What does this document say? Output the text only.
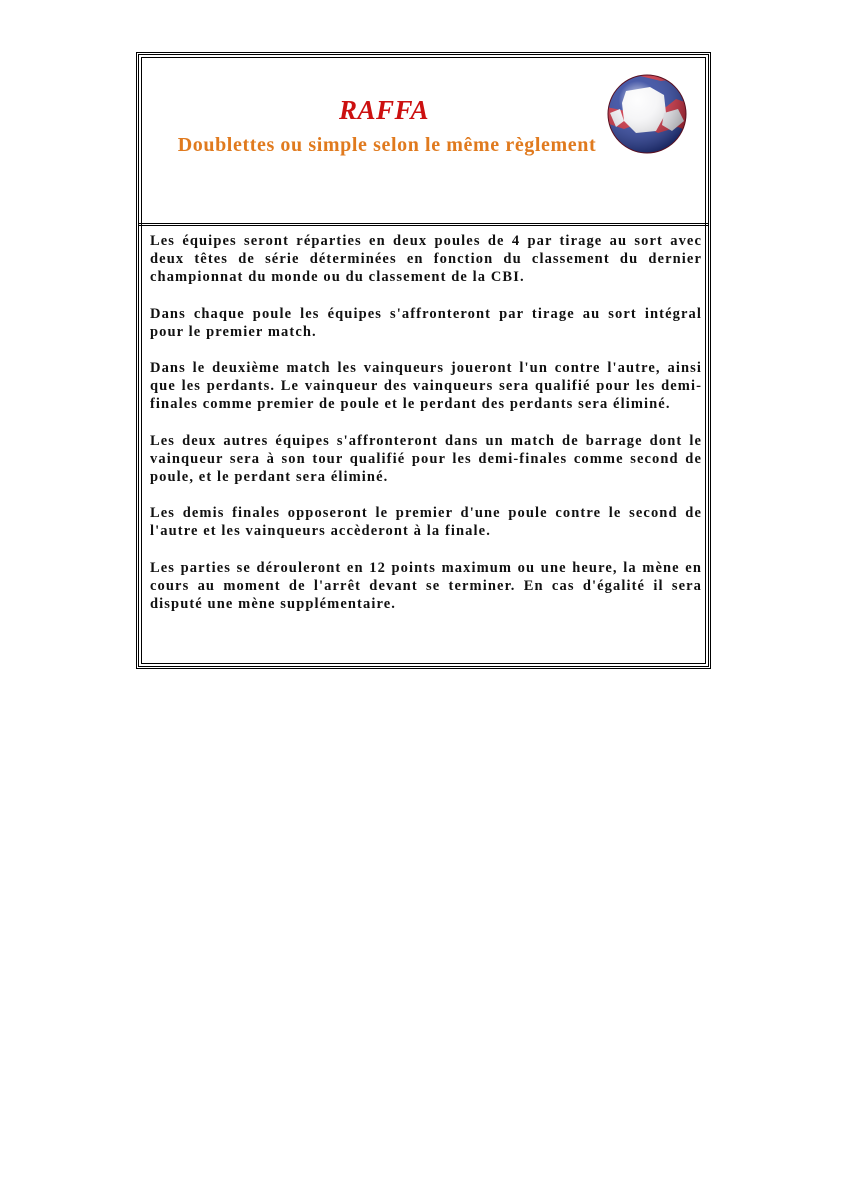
RAFFA
Doublettes ou simple selon le même règlement

Les équipes seront réparties en deux poules de 4 par tirage au sort avec deux têtes de série déterminées en fonction du classement du dernier championnat du monde ou du classement de la CBI.

Dans chaque poule les équipes s'affronteront par tirage au sort intégral pour le premier match.

Dans le deuxième match les vainqueurs joueront l'un contre l'autre, ainsi que les perdants. Le vainqueur des vainqueurs sera qualifié pour les demi-finales comme premier de poule et le perdant des perdants sera éliminé.

Les deux autres équipes s'affronteront dans un match de barrage dont le vainqueur sera à son tour qualifié pour les demi-finales comme second de poule, et le perdant sera éliminé.

Les demis finales opposeront le premier d'une poule contre le second de l'autre et les vainqueurs accèderont à la finale.

Les parties se dérouleront en 12 points maximum ou une heure, la mène en cours au moment de l'arrêt devant se terminer. En cas d'égalité il sera disputé une mène supplémentaire.
